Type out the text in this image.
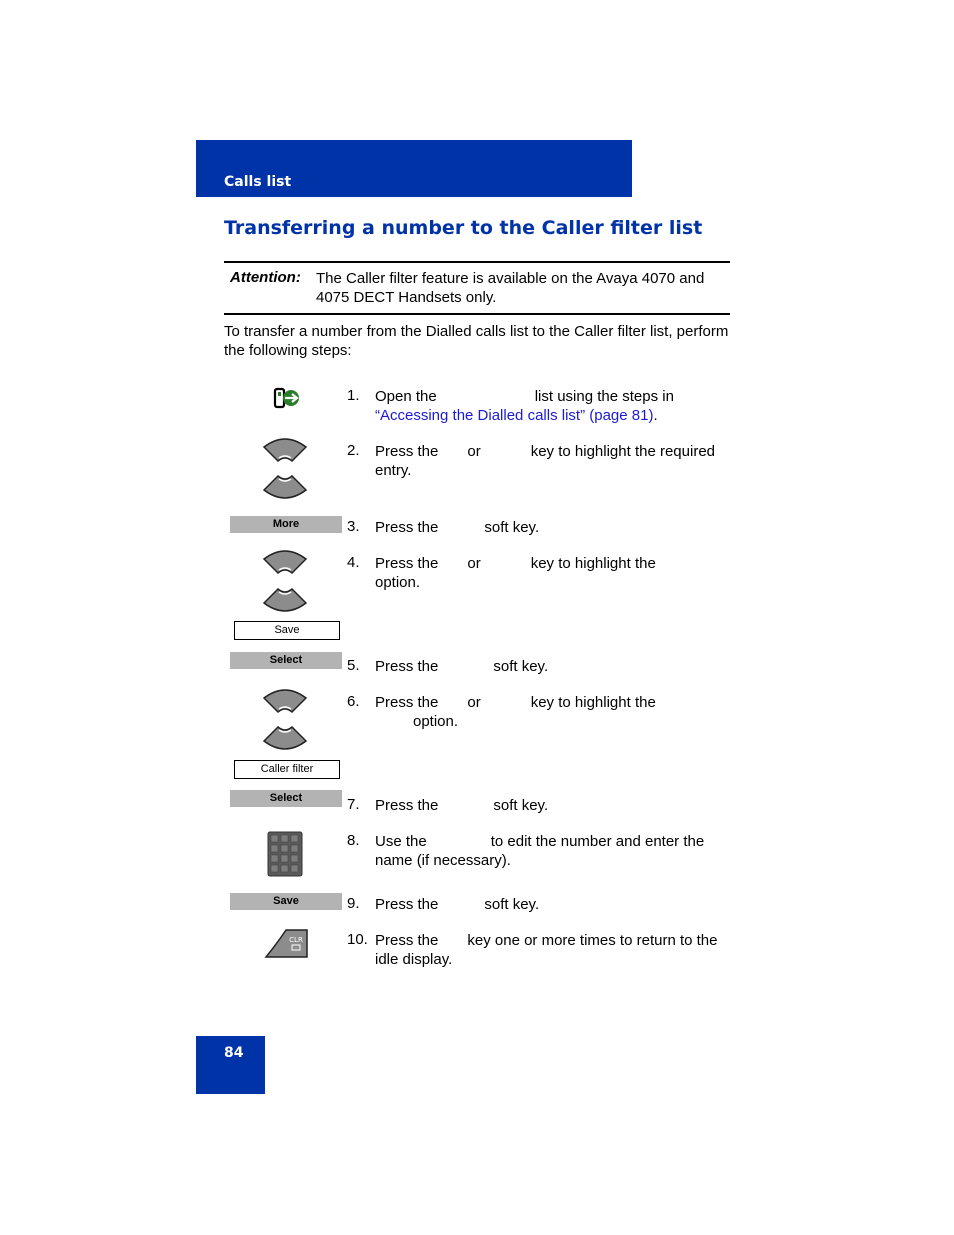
Calls list
Transferring a number to the Caller filter list
Attention: The Caller filter feature is available on the Avaya 4070 and 4075 DECT Handsets only.
To transfer a number from the Dialled calls list to the Caller filter list, perform the following steps:
1. Open the	list using the steps in
“Accessing the Dialled calls list” (page 81).
2. Press the or	key to highlight the required
entry.
More	3. Press the	soft key.
Save
4. Press the or	key to highlight the
option.
Select	5. Press the	soft key.
Caller filter
6. Press the or	key to highlight the
option.
Select	7. Press the	soft key.
8. Use the	to edit the number and enter the
name (if necessary).
Save	9. Press the	soft key.
CLR	10. Press the key one or more times to return to the
idle display.
84
